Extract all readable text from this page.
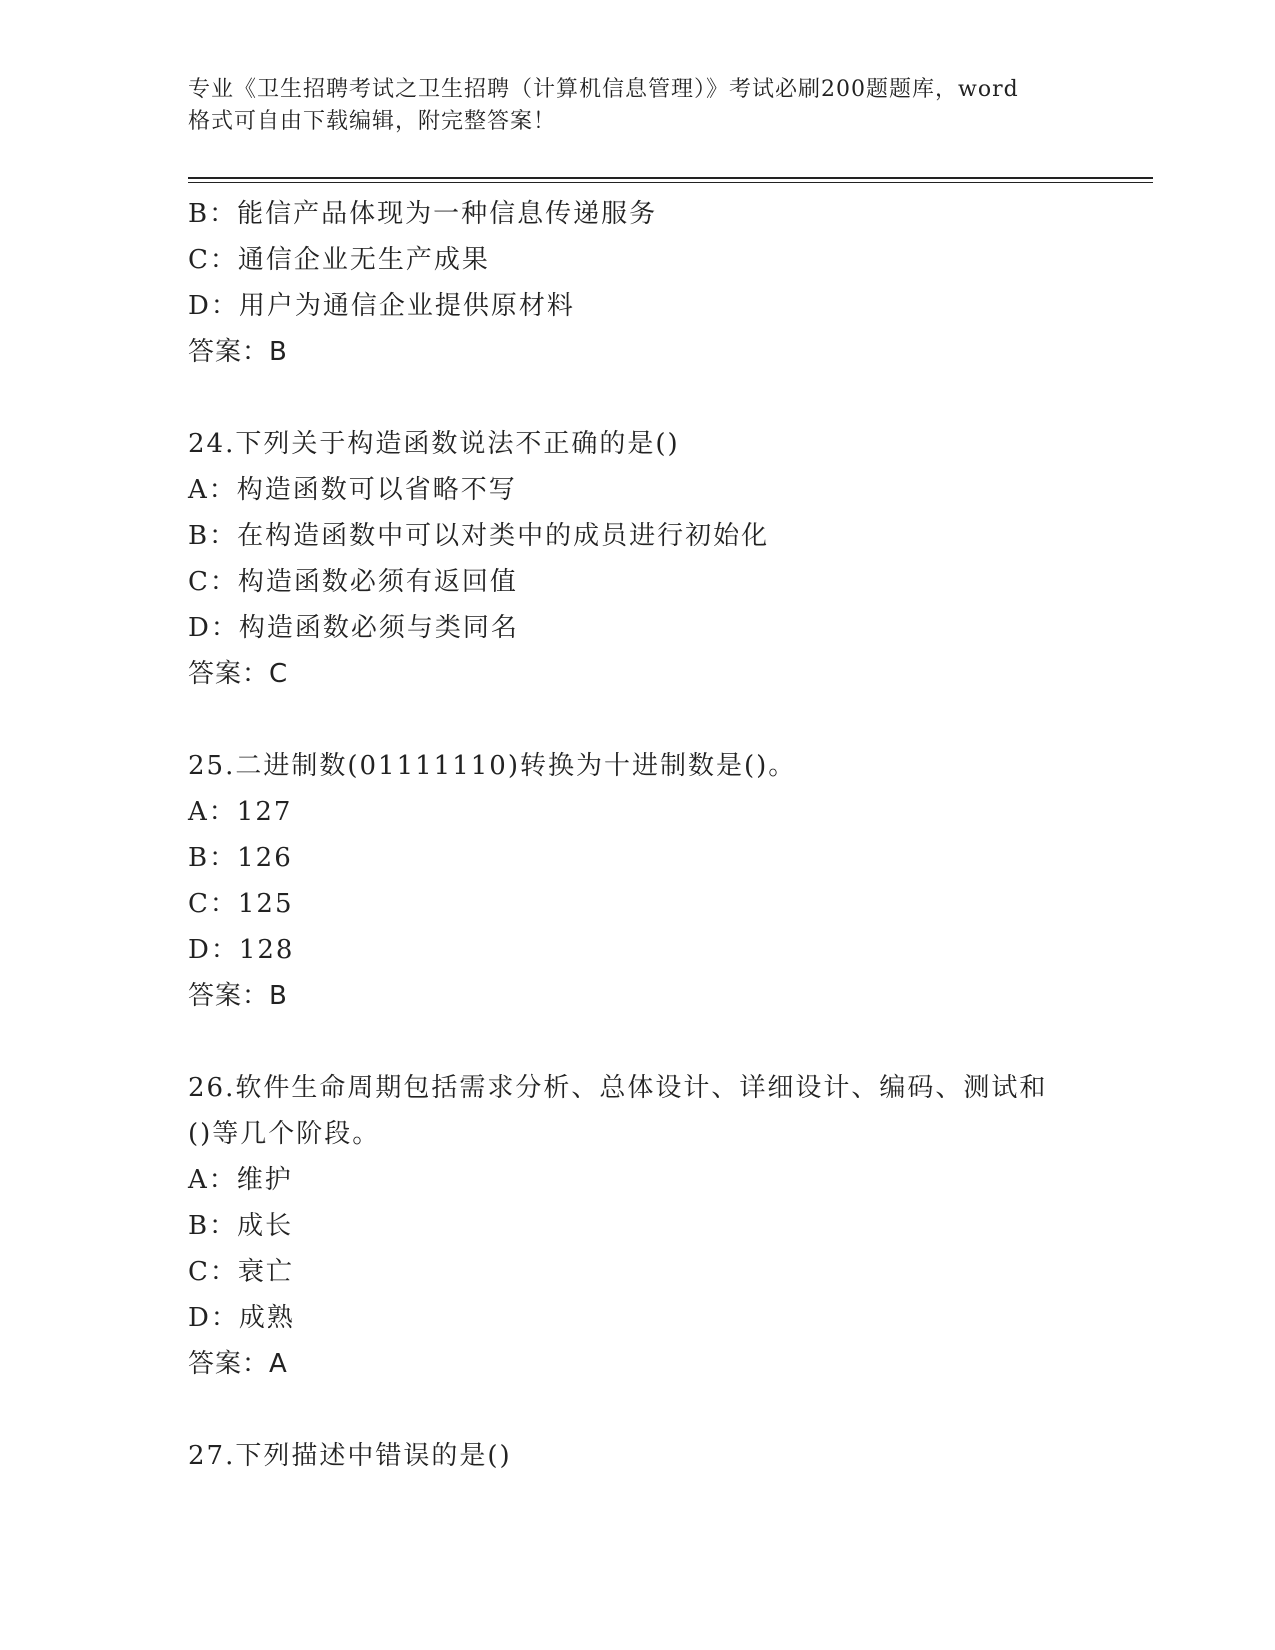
专业《卫生招聘考试之卫生招聘（计算机信息管理）》考试必刷200题题库，word
格式可自由下载编辑，附完整答案！
B：能信产品体现为一种信息传递服务
C：通信企业无生产成果
D：用户为通信企业提供原材料
答案：B
24.下列关于构造函数说法不正确的是()
A：构造函数可以省略不写
B：在构造函数中可以对类中的成员进行初始化
C：构造函数必须有返回值
D：构造函数必须与类同名
答案：C
25.二进制数(01111110)转换为十进制数是()。
A：127
B：126
C：125
D：128
答案：B
26.软件生命周期包括需求分析、总体设计、详细设计、编码、测试和
()等几个阶段。
A：维护
B：成长
C：衰亡
D：成熟
答案：A
27.下列描述中错误的是()
